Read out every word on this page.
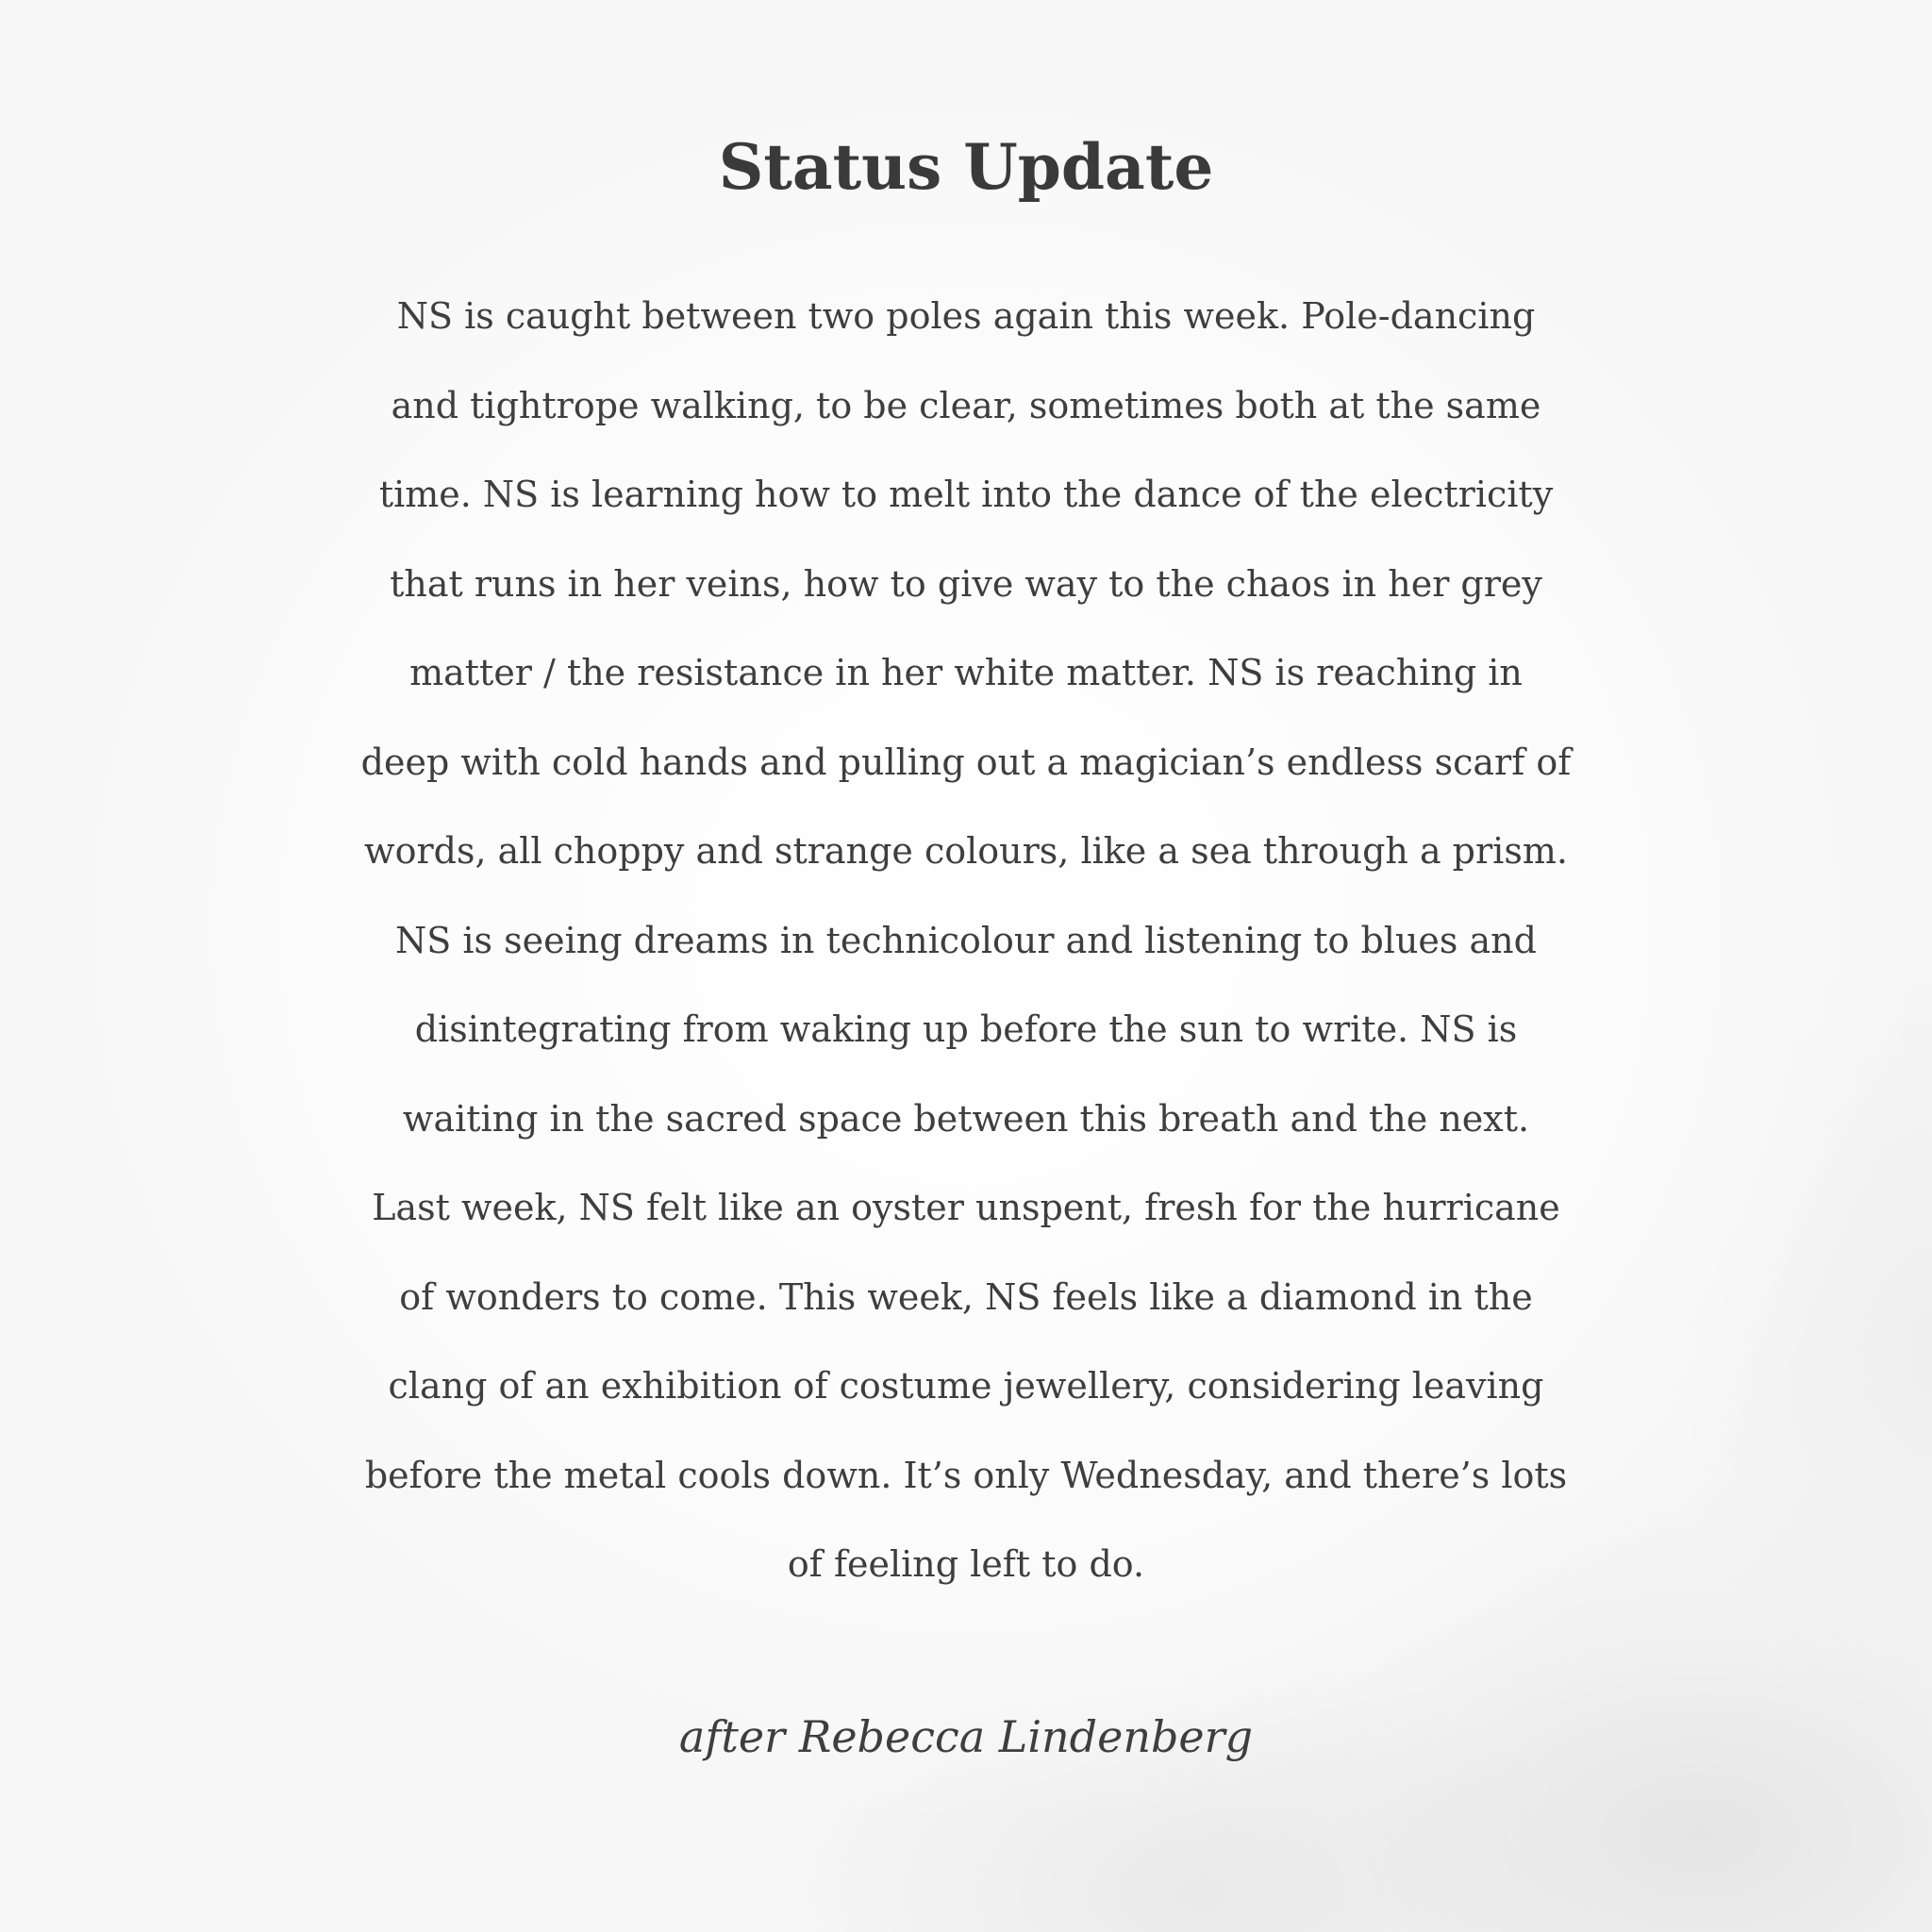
Status Update
NS is caught between two poles again this week. Pole-dancing
and tightrope walking, to be clear, sometimes both at the same
time. NS is learning how to melt into the dance of the electricity
that runs in her veins, how to give way to the chaos in her grey
matter / the resistance in her white matter. NS is reaching in
deep with cold hands and pulling out a magician’s endless scarf of
words, all choppy and strange colours, like a sea through a prism.
NS is seeing dreams in technicolour and listening to blues and
disintegrating from waking up before the sun to write. NS is
waiting in the sacred space between this breath and the next.
Last week, NS felt like an oyster unspent, fresh for the hurricane
of wonders to come. This week, NS feels like a diamond in the
clang of an exhibition of costume jewellery, considering leaving
before the metal cools down. It’s only Wednesday, and there’s lots
of feeling left to do.
after Rebecca Lindenberg
